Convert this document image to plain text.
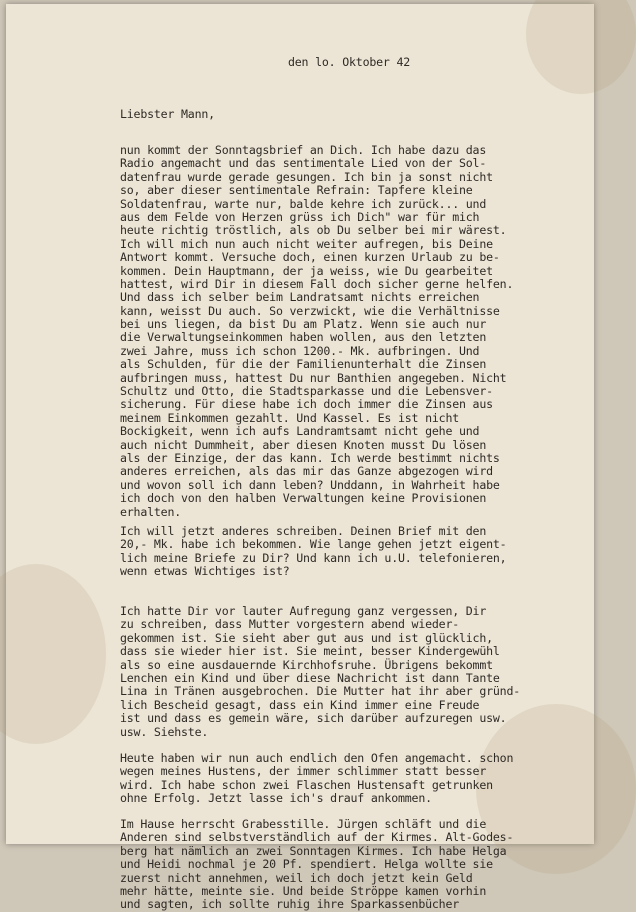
den lo. Oktober 42

Liebster Mann,

nun kommt der Sonntagsbrief an Dich. Ich habe dazu das
Radio angemacht und das sentimentale Lied von der Sol-
datenfrau wurde gerade gesungen. Ich bin ja sonst nicht
so, aber dieser sentimentale Refrain: Tapfere kleine
Soldatenfrau, warte nur, balde kehre ich zurück... und
aus dem Felde von Herzen grüss ich Dich" war für mich
heute richtig tröstlich, als ob Du selber bei mir wärest.
Ich will mich nun auch nicht weiter aufregen, bis Deine
Antwort kommt. Versuche doch, einen kurzen Urlaub zu be-
kommen. Dein Hauptmann, der ja weiss, wie Du gearbeitet
hattest, wird Dir in diesem Fall doch sicher gerne helfen.
Und dass ich selber beim Landratsamt nichts erreichen
kann, weisst Du auch. So verzwickt, wie die Verhältnisse
bei uns liegen, da bist Du am Platz. Wenn sie auch nur
die Verwaltungseinkommen haben wollen, aus den letzten
zwei Jahre, muss ich schon 1200.- Mk. aufbringen. Und
als Schulden, für die der Familienunterhalt die Zinsen
aufbringen muss, hattest Du nur Banthien angegeben. Nicht
Schultz und Otto, die Stadtsparkasse und die Lebensver-
sicherung. Für diese habe ich doch immer die Zinsen aus
meinem Einkommen gezahlt. Und Kassel. Es ist nicht
Bockigkeit, wenn ich aufs Landramtsamt nicht gehe und
auch nicht Dummheit, aber diesen Knoten musst Du lösen
als der Einzige, der das kann. Ich werde bestimmt nichts
anderes erreichen, als das mir das Ganze abgezogen wird
und wovon soll ich dann leben? Unddann, in Wahrheit habe
ich doch von den halben Verwaltungen keine Provisionen
erhalten.

Ich will jetzt anderes schreiben. Deinen Brief mit den
20,- Mk. habe ich bekommen. Wie lange gehen jetzt eigent-
lich meine Briefe zu Dir? Und kann ich u.U. telefonieren,
wenn etwas Wichtiges ist?

Ich hatte Dir vor lauter Aufregung ganz vergessen, Dir
zu schreiben, dass Mutter vorgestern abend wieder-
gekommen ist. Sie sieht aber gut aus und ist glücklich,
dass sie wieder hier ist. Sie meint, besser Kindergewühl
als so eine ausdauernde Kirchhofsruhe. Übrigens bekommt
Lenchen ein Kind und über diese Nachricht ist dann Tante
Lina in Tränen ausgebrochen. Die Mutter hat ihr aber gründ-
lich Bescheid gesagt, dass ein Kind immer eine Freude
ist und dass es gemein wäre, sich darüber aufzuregen usw.
usw. Siehste.

Heute haben wir nun auch endlich den Ofen angemacht. schon
wegen meines Hustens, der immer schlimmer statt besser
wird. Ich habe schon zwei Flaschen Hustensaft getrunken
ohne Erfolg. Jetzt lasse ich's drauf ankommen.

Im Hause herrscht Grabesstille. Jürgen schläft und die
Anderen sind selbstverständlich auf der Kirmes. Alt-Godes-
berg hat nämlich an zwei Sonntagen Kirmes. Ich habe Helga
und Heidi nochmal je 20 Pf. spendiert. Helga wollte sie
zuerst nicht annehmen, weil ich doch jetzt kein Geld
mehr hätte, meinte sie. Und beide Ströppe kamen vorhin
und sagten, ich sollte ruhig ihre Sparkassenbücher
